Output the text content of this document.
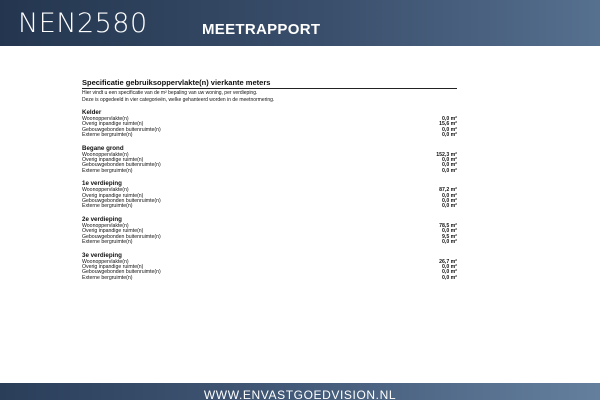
NEN2580	MEETRAPPORT
Specificatie gebruiksoppervlakte(n) vierkante meters
Hier vindt u een specificatie van de m² bepaling van uw woning, per verdieping.
Deze is opgedeeld in vier categorieën, welke gehanteerd worden in de meetnormering.
Kelder
Woonoppervlakte(n)	0,0 m²
Overig inpandige ruimte(n)	15,6 m²
Gebouwgebonden buitenruimte(n)	0,0 m²
Externe bergruimte(n)	0,0 m²
Begane grond
Woonoppervlakte(n)	152,3 m²
Overig inpandige ruimte(n)	0,0 m²
Gebouwgebonden buitenruimte(n)	0,0 m²
Externe bergruimte(n)	0,0 m²
1e verdieping
Woonoppervlakte(n)	87,2 m²
Overig inpandige ruimte(n)	0,0 m²
Gebouwgebonden buitenruimte(n)	0,0 m²
Externe bergruimte(n)	0,0 m²
2e verdieping
Woonoppervlakte(n)	78,5 m²
Overig inpandige ruimte(n)	0,0 m²
Gebouwgebonden buitenruimte(n)	9,5 m²
Externe bergruimte(n)	0,0 m²
3e verdieping
Woonoppervlakte(n)	26,7 m²
Overig inpandige ruimte(n)	0,0 m²
Gebouwgebonden buitenruimte(n)	0,0 m²
Externe bergruimte(n)	0,0 m²
WWW.ENVASTGOEDVISION.NL
